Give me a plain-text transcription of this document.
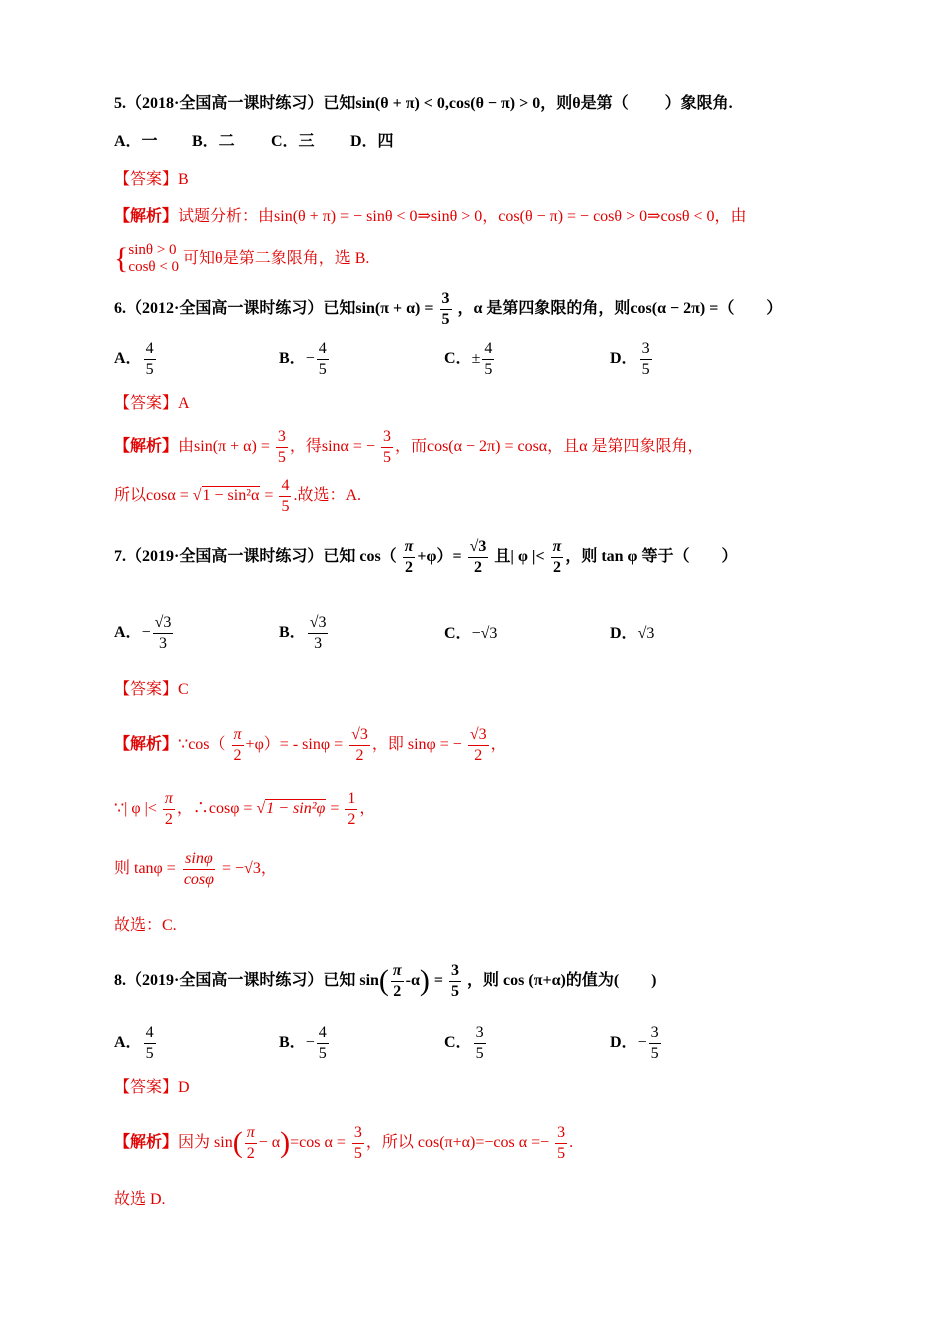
5.（2018·全国高一课时练习）已知sin(θ + π) < 0,cos(θ − π) > 0，则θ是第（　　 ）象限角.
A．一 B．二 C．三 D．四
【答案】B
【解析】试题分析：由sin(θ + π) = − sinθ < 0⇒sinθ > 0，cos(θ − π) = − cosθ > 0⇒cosθ < 0，由
{ sinθ > 0
cosθ < 0
可知θ是第二象限角，选 B.
6.（2012·全国高一课时练习）已知$\sin(\pi + \alpha) = \frac{3}{5}$ ，α 是第四象限的角，则cos(α − 2π) =（　　）
A． $\frac{4}{5}$	B．− $\frac{4}{5}$	C．± $\frac{4}{5}$	D． $\frac{3}{5}$
【答案】A
【解析】由$\sin(\pi + \alpha) = \frac{3}{5}$ ，得sinα = − $\frac{3}{5}$ ，而cos(α − 2π) = cosα，且α 是第四象限角，
所以$\cos\alpha = √1 - \sin^2\alpha = \frac{4}{5}$ .故选：A.
7.（2019·全国高一课时练习）已知 $\cos( \frac{\pi}{2} +\varphi)= \frac{√3}{2}$ 且| φ |< $\frac{\pi}{2}$ ，则 tan φ 等于（　　）
A．− $\frac{√3}{3}$	B． $\frac{√3}{3}$	C．−√3	D．√3
【答案】C
【解析】∵cos（ $\frac{\pi}{2} +\varphi)= - \sin\varphi = \frac{√3}{2}$ ，即 sinφ = − $\frac{√3}{2}$ ，
∵| φ |< $\frac{\pi}{2}$ ，∴cosφ = $√1 - \sin^2\varphi = \frac{1}{2}$ ，
则 $\tan\varphi = \frac{\sin\varphi}{\cos\varphi} = -√3$，
故选：C.
8.（2019·全国高一课时练习）已知 $\sin( \frac{\pi}{2} -\alpha) = \frac{3}{5}$ ，则 cos (π+α)的值为(　　)
A． $\frac{4}{5}$	B．− $\frac{4}{5}$	C． $\frac{3}{5}$	D．− $\frac{3}{5}$
【答案】D
【解析】因为 $\sin( \frac{\pi}{2} - \alpha)=\cos$ $\alpha = \frac{3}{5}$ ，所以 cos(π+α)=−cos $\alpha =- \frac{3}{5}$ .
故选 D.
